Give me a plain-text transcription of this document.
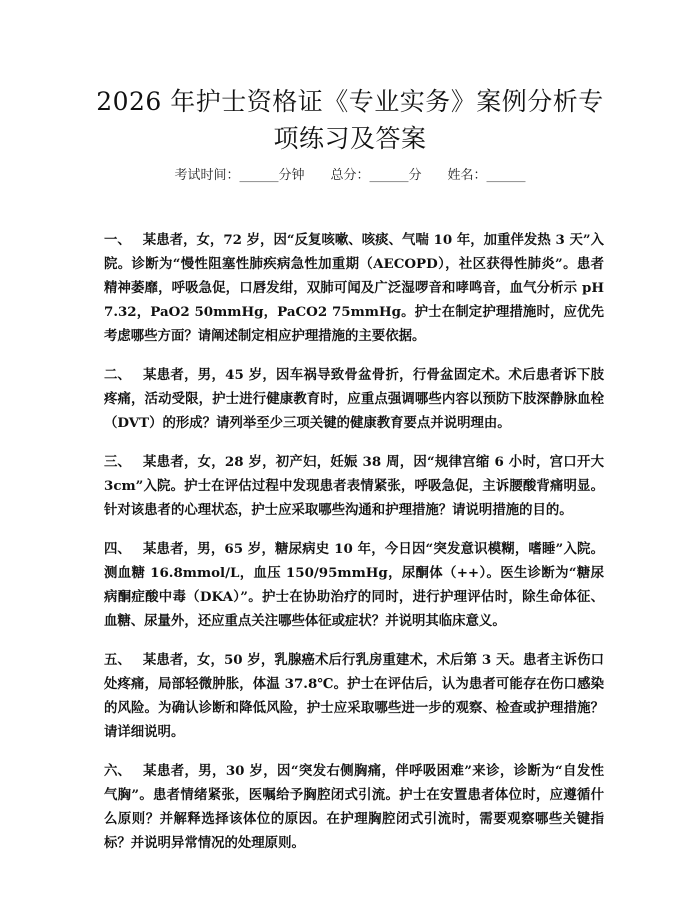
2026 年护士资格证《专业实务》案例分析专
项练习及答案
考试时间：______分钟 总分：______分 姓名：______

一、 某患者，女，72 岁，因“反复咳嗽、咳痰、气喘 10 年，加重伴发热 3 天”入院。诊断为“慢性阻塞性肺疾病急性加重期（AECOPD），社区获得性肺炎”。患者精神萎靡，呼吸急促，口唇发绀，双肺可闻及广泛湿啰音和哮鸣音，血气分析示 pH 7.32，PaO2 50mmHg，PaCO2 75mmHg。护士在制定护理措施时，应优先考虑哪些方面？请阐述制定相应护理措施的主要依据。

二、 某患者，男，45 岁，因车祸导致骨盆骨折，行骨盆固定术。术后患者诉下肢疼痛，活动受限，护士进行健康教育时，应重点强调哪些内容以预防下肢深静脉血栓（DVT）的形成？请列举至少三项关键的健康教育要点并说明理由。

三、 某患者，女，28 岁，初产妇，妊娠 38 周，因“规律宫缩 6 小时，宫口开大 3cm”入院。护士在评估过程中发现患者表情紧张，呼吸急促，主诉腰酸背痛明显。针对该患者的心理状态，护士应采取哪些沟通和护理措施？请说明措施的目的。

四、 某患者，男，65 岁，糖尿病史 10 年，今日因“突发意识模糊，嗜睡”入院。测血糖 16.8mmol/L，血压 150/95mmHg，尿酮体（++）。医生诊断为“糖尿病酮症酸中毒（DKA）”。护士在协助治疗的同时，进行护理评估时，除生命体征、血糖、尿量外，还应重点关注哪些体征或症状？并说明其临床意义。

五、 某患者，女，50 岁，乳腺癌术后行乳房重建术，术后第 3 天。患者主诉伤口处疼痛，局部轻微肿胀，体温 37.8℃。护士在评估后，认为患者可能存在伤口感染的风险。为确认诊断和降低风险，护士应采取哪些进一步的观察、检查或护理措施？请详细说明。

六、 某患者，男，30 岁，因“突发右侧胸痛，伴呼吸困难”来诊，诊断为“自发性气胸”。患者情绪紧张，医嘱给予胸腔闭式引流。护士在安置患者体位时，应遵循什么原则？并解释选择该体位的原因。在护理胸腔闭式引流时，需要观察哪些关键指标？并说明异常情况的处理原则。
